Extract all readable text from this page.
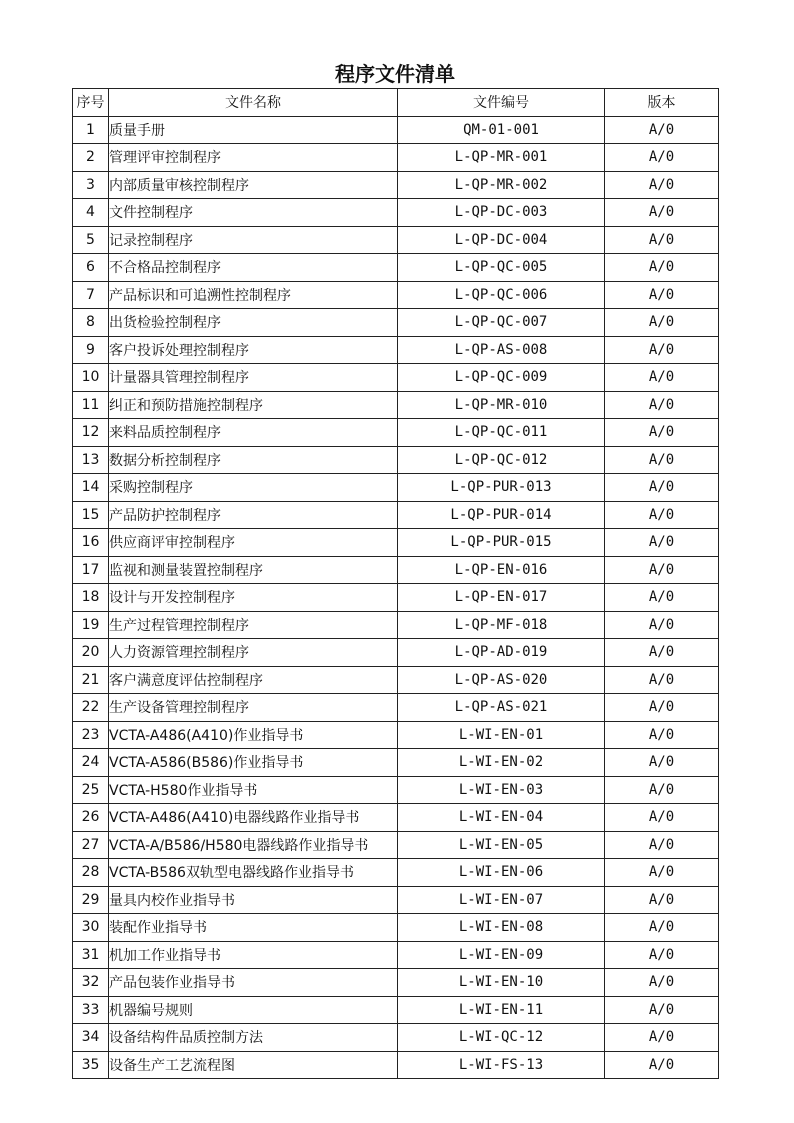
程序文件清单
序号	文件名称	文件编号	版本
1	质量手册	QM-01-001	A/0
2	管理评审控制程序	L-QP-MR-001	A/0
3	内部质量审核控制程序	L-QP-MR-002	A/0
4	文件控制程序	L-QP-DC-003	A/0
5	记录控制程序	L-QP-DC-004	A/0
6	不合格品控制程序	L-QP-QC-005	A/0
7	产品标识和可追溯性控制程序	L-QP-QC-006	A/0
8	出货检验控制程序	L-QP-QC-007	A/0
9	客户投诉处理控制程序	L-QP-AS-008	A/0
10	计量器具管理控制程序	L-QP-QC-009	A/0
11	纠正和预防措施控制程序	L-QP-MR-010	A/0
12	来料品质控制程序	L-QP-QC-011	A/0
13	数据分析控制程序	L-QP-QC-012	A/0
14	采购控制程序	L-QP-PUR-013	A/0
15	产品防护控制程序	L-QP-PUR-014	A/0
16	供应商评审控制程序	L-QP-PUR-015	A/0
17	监视和测量装置控制程序	L-QP-EN-016	A/0
18	设计与开发控制程序	L-QP-EN-017	A/0
19	生产过程管理控制程序	L-QP-MF-018	A/0
20	人力资源管理控制程序	L-QP-AD-019	A/0
21	客户满意度评估控制程序	L-QP-AS-020	A/0
22	生产设备管理控制程序	L-QP-AS-021	A/0
23	VCTA-A486(A410)作业指导书	L-WI-EN-01	A/0
24	VCTA-A586(B586)作业指导书	L-WI-EN-02	A/0
25	VCTA-H580作业指导书	L-WI-EN-03	A/0
26	VCTA-A486(A410)电器线路作业指导书	L-WI-EN-04	A/0
27	VCTA-A/B586/H580电器线路作业指导书	L-WI-EN-05	A/0
28	VCTA-B586双轨型电器线路作业指导书	L-WI-EN-06	A/0
29	量具内校作业指导书	L-WI-EN-07	A/0
30	装配作业指导书	L-WI-EN-08	A/0
31	机加工作业指导书	L-WI-EN-09	A/0
32	产品包装作业指导书	L-WI-EN-10	A/0
33	机器编号规则	L-WI-EN-11	A/0
34	设备结构件品质控制方法	L-WI-QC-12	A/0
35	设备生产工艺流程图	L-WI-FS-13	A/0
